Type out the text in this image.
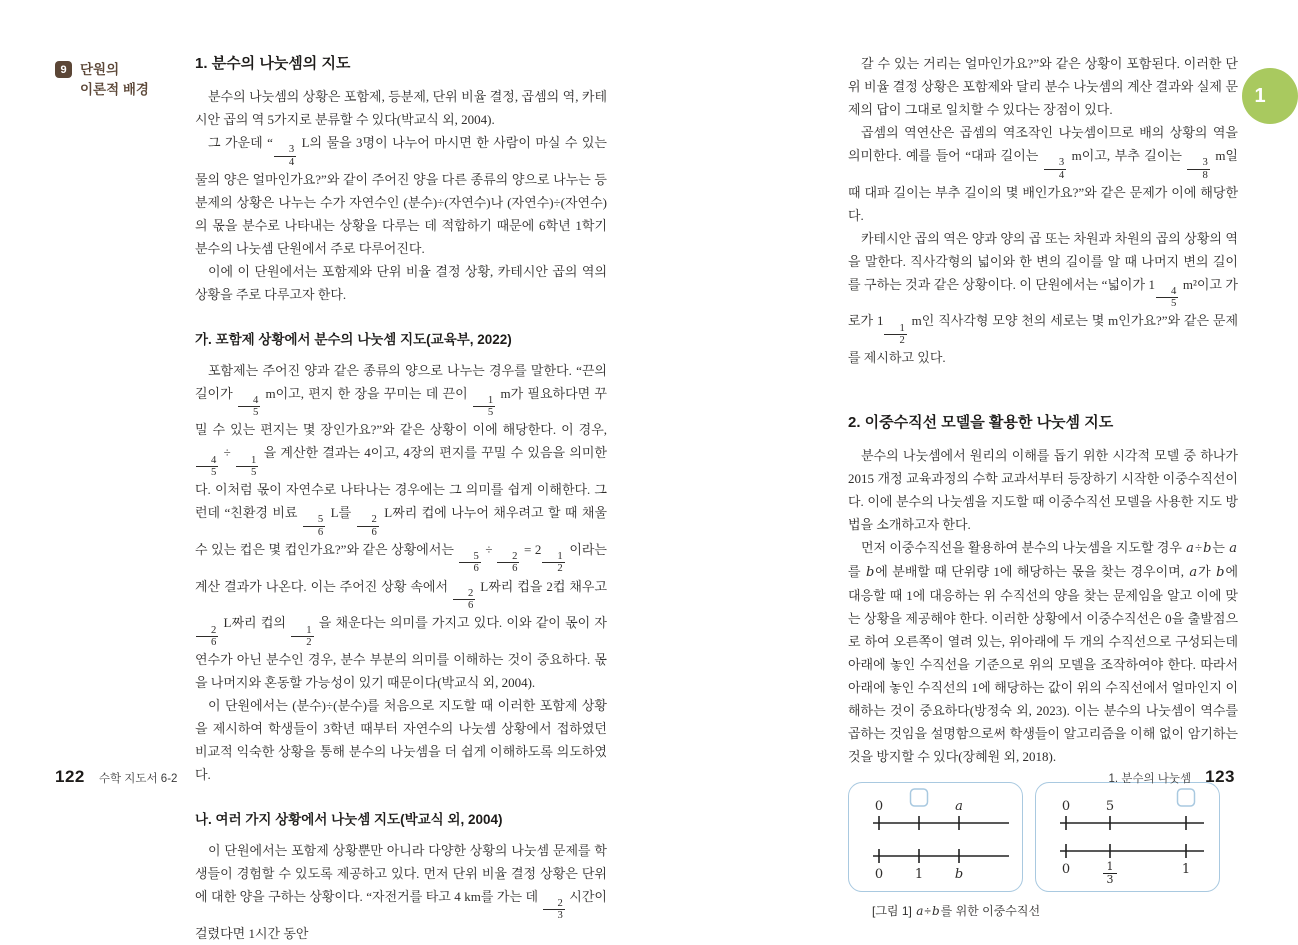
9 단원의
이론적 배경
1. 분수의 나눗셈의 지도

분수의 나눗셈의 상황은 포함제, 등분제, 단위 비율 결정, 곱셈의 역, 카테시안 곱의 역 5가지로 분류할 수 있다(박교식 외, 2004).

그 가운데 “
$\frac{3}{4}$
L의 물을 3명이 나누어 마시면 한 사람이 마실 수 있는 물의 양은 얼마인가요?”와 같이 주어진 양을 다른 종류의 양으로 나누는 등분제의 상황은 나누는 수가 자연수인 (분수)÷(자연수)나 (자연수)÷(자연수)의 몫을 분수로 나타내는 상황을 다루는 데 적합하기 때문에 6학년 1학기 분수의 나눗셈 단원에서 주로 다루어진다.

이에 이 단원에서는 포함제와 단위 비율 결정 상황, 카테시안 곱의 역의 상황을 주로 다루고자 한다.

가. 포함제 상황에서 분수의 나눗셈 지도(교육부, 2022)

포함제는 주어진 양과 같은 종류의 양으로 나누는 경우를 말한다. “끈의 길이가
$\frac{4}{5}$
m이고, 편지 한 장을 꾸미는 데 끈이
$\frac{1}{5}$
m가 필요하다면 꾸밀 수 있는 편지는 몇 장인가요?”와 같은 상황이 이에 해당한다. 이 경우,
$\frac{4}{5}$
÷
$\frac{1}{5}$
을 계산한 결과는 4이고, 4장의 편지를 꾸밀 수 있음을 의미한다. 이처럼 몫이 자연수로 나타나는 경우에는 그 의미를 쉽게 이해한다. 그런데 “친환경 비료
$\frac{5}{6}$
L를
$\frac{2}{6}$
L짜리 컵에 나누어 채우려고 할 때 채울 수 있는 컵은 몇 컵인가요?”와 같은 상황에서는
$\frac{5}{6}$
÷
$\frac{2}{6}$
= 2
$\frac{1}{2}$
이라는 계산 결과가 나온다. 이는 주어진 상황 속에서
$\frac{2}{6}$
L짜리 컵을 2컵 채우고
$\frac{2}{6}$
L짜리 컵의
$\frac{1}{2}$
을 채운다는 의미를 가지고 있다. 이와 같이 몫이 자연수가 아닌 분수인 경우, 분수 부분의 의미를 이해하는 것이 중요하다. 몫을 나머지와 혼동할 가능성이 있기 때문이다(박교식 외, 2004).

이 단원에서는 (분수)÷(분수)를 처음으로 지도할 때 이러한 포함제 상황을 제시하여 학생들이 3학년 때부터 자연수의 나눗셈 상황에서 접하였던 비교적 익숙한 상황을 통해 분수의 나눗셈을 더 쉽게 이해하도록 의도하였다.

나. 여러 가지 상황에서 나눗셈 지도(박교식 외, 2004)

이 단원에서는 포함제 상황뿐만 아니라 다양한 상황의 나눗셈 문제를 학생들이 경험할 수 있도록 제공하고 있다. 먼저 단위 비율 결정 상황은 단위에 대한 양을 구하는 상황이다. “자전거를 타고 4 km를 가는 데
$\frac{2}{3}$
시간이 걸렸다면 1시간 동안

갈 수 있는 거리는 얼마인가요?”와 같은 상황이 포함된다. 이러한 단위 비율 결정 상황은 포함제와 달리 분수 나눗셈의 계산 결과와 실제 문제의 답이 그대로 일치할 수 있다는 장점이 있다.

곱셈의 역연산은 곱셈의 역조작인 나눗셈이므로 배의 상황의 역을 의미한다. 예를 들어 “대파 길이는
$\frac{3}{4}$
m이고, 부추 길이는
$\frac{3}{8}$
m일 때 대파 길이는 부추 길이의 몇 배인가요?”와 같은 문제가 이에 해당한다.

카테시안 곱의 역은 양과 양의 곱 또는 차원과 차원의 곱의 상황의 역을 말한다. 직사각형의 넓이와 한 변의 길이를 알 때 나머지 변의 길이를 구하는 것과 같은 상황이다. 이 단원에서는 “넓이가 1
$\frac{4}{5}$
m²이고 가로가 1
$\frac{1}{2}$
m인 직사각형 모양 천의 세로는 몇 m인가요?”와 같은 문제를 제시하고 있다.

2. 이중수직선 모델을 활용한 나눗셈 지도

분수의 나눗셈에서 원리의 이해를 돕기 위한 시각적 모델 중 하나가 2015 개정 교육과정의 수학 교과서부터 등장하기 시작한 이중수직선이다. 이에 분수의 나눗셈을 지도할 때 이중수직선 모델을 사용한 지도 방법을 소개하고자 한다.

먼저 이중수직선을 활용하여 분수의 나눗셈을 지도할 경우 a÷b는 a를 b에 분배할 때 단위량 1에 해당하는 몫을 찾는 경우이며, a가 b에 대응할 때 1에 대응하는 위 수직선의 양을 찾는 문제임을 알고 이에 맞는 상황을 제공해야 한다. 이러한 상황에서 이중수직선은 0을 출발점으로 하여 오른쪽이 열려 있는, 위아래에 두 개의 수직선으로 구성되는데 아래에 놓인 수직선을 기준으로 위의 모델을 조작하여야 한다. 따라서 아래에 놓인 수직선의 1에 해당하는 값이 위의 수직선에서 얼마인지 이해하는 것이 중요하다(방정숙 외, 2023). 이는 분수의 나눗셈이 역수를 곱하는 것임을 설명함으로써 학생들이 알고리즘을 이해 없이 암기하는 것을 방지할 수 있다(장혜원 외, 2018).

0	a
0 1 b
0	5
0	1
3
1
[그림 1] a÷b를 위한 이중수직선
1
122 수학 지도서 6-2	1. 분수의 나눗셈 123
